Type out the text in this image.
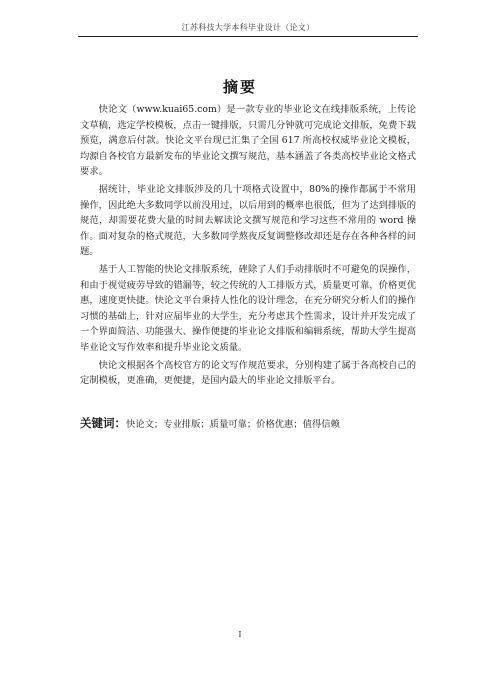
江苏科技大学本科毕业设计（论文）
摘要

快论文（www.kuai65.com）是一款专业的毕业论文在线排版系统，上传论文草稿，选定学校模板，点击一键排版，只需几分钟就可完成论文排版，免费下载预览，满意后付款。快论文平台现已汇集了全国 617 所高校权威毕业论文模板，均源自各校官方最新发布的毕业论文撰写规范，基本涵盖了各类高校毕业论文格式要求。

据统计，毕业论文排版涉及的几十项格式设置中，80%的操作都属于不常用操作，因此绝大多数同学以前没用过，以后用到的概率也很低，但为了达到排版的规范，却需要花费大量的时间去解读论文撰写规范和学习这些不常用的 word 操作。面对复杂的格式规范，大多数同学熬夜反复调整修改却还是存在各种各样的问题。

基于人工智能的快论文排版系统，䂳除了人们手动排版时不可避免的误操作，和由于视觉疲劳导致的错漏等，较之传统的人工排版方式，质量更可靠，价格更优惠，速度更快捷。快论文平台秉持人性化的设计理念，在充分研究分析人们的操作习惯的基础上，针对应届毕业的大学生，充分考虑其个性需求，设计并开发完成了一个界面简洁、功能强大、操作便捷的毕业论文排版和编辑系统，帮助大学生提高毕业论文写作效率和提升毕业论文质量。

快论文根据各个高校官方的论文写作规范要求，分别构建了属于各高校自己的定制模板，更准确，更便捷，是国内最大的毕业论文排版平台。

关键词：快论文；专业排版；质量可靠；价格优惠；值得信赖
I
